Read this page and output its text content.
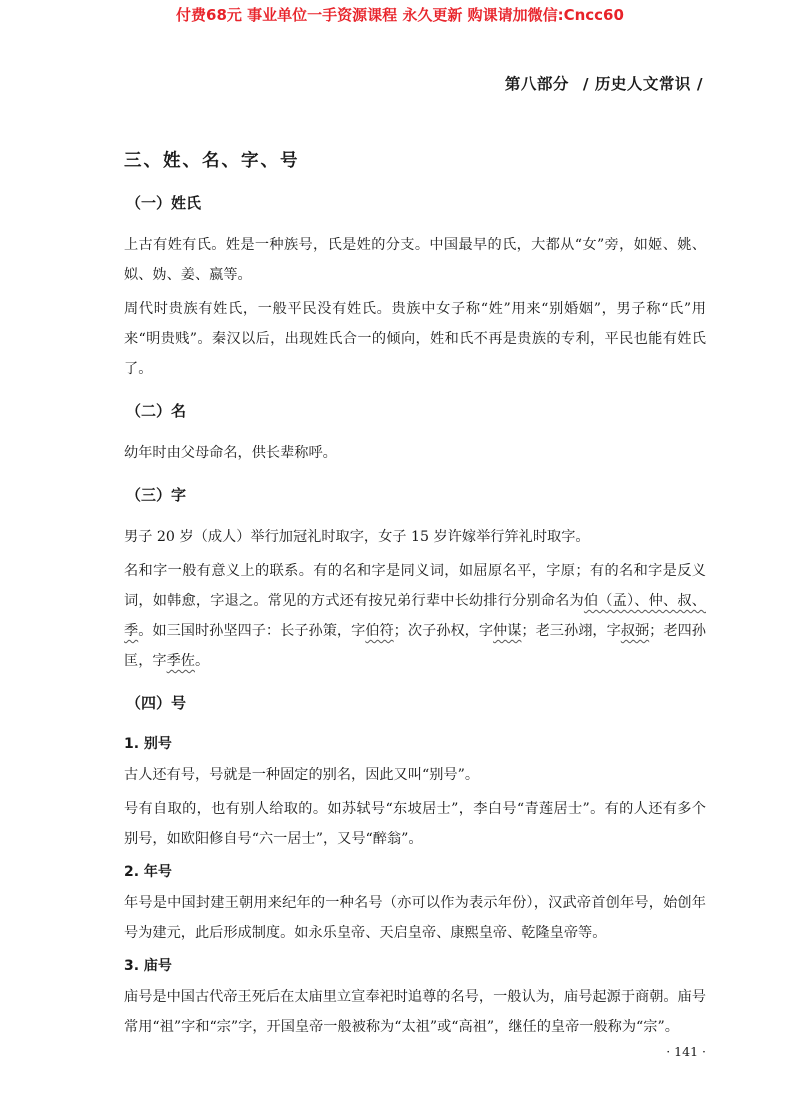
付费68元 事业单位一手资源课程 永久更新 购课请加微信:Cncc60
第八部分 / 历史人文常识 /
三、姓、名、字、号
（一）姓氏

上古有姓有氏。姓是一种族号，氏是姓的分支。中国最早的氏，大都从“女”旁，如姬、姚、姒、妫、姜、嬴等。

周代时贵族有姓氏，一般平民没有姓氏。贵族中女子称“姓”用来“别婚姻”，男子称“氏”用来“明贵贱”。秦汉以后，出现姓氏合一的倾向，姓和氏不再是贵族的专利，平民也能有姓氏了。

（二）名

幼年时由父母命名，供长辈称呼。

（三）字

男子 20 岁（成人）举行加冠礼时取字，女子 15 岁许嫁举行笄礼时取字。

名和字一般有意义上的联系。有的名和字是同义词，如屈原名平，字原；有的名和字是反义词，如韩愈，字退之。常见的方式还有按兄弟行辈中长幼排行分别命名为伯（孟）、仲、叔、季。如三国时孙坚四子：长子孙策，字伯符；次子孙权，字仲谋；老三孙翊，字叔弼；老四孙匡，字季佐。

（四）号
1. 别号

古人还有号，号就是一种固定的别名，因此又叫“别号”。

号有自取的，也有别人给取的。如苏轼号“东坡居士”，李白号“青莲居士”。有的人还有多个别号，如欧阳修自号“六一居士”，又号“醉翁”。

2. 年号

年号是中国封建王朝用来纪年的一种名号（亦可以作为表示年份），汉武帝首创年号，始创年号为建元，此后形成制度。如永乐皇帝、天启皇帝、康熙皇帝、乾隆皇帝等。

3. 庙号

庙号是中国古代帝王死后在太庙里立宣奉祀时追尊的名号，一般认为，庙号起源于商朝。庙号常用“祖”字和“宗”字，开国皇帝一般被称为“太祖”或“高祖”，继任的皇帝一般称为“宗”。

· 141 ·
